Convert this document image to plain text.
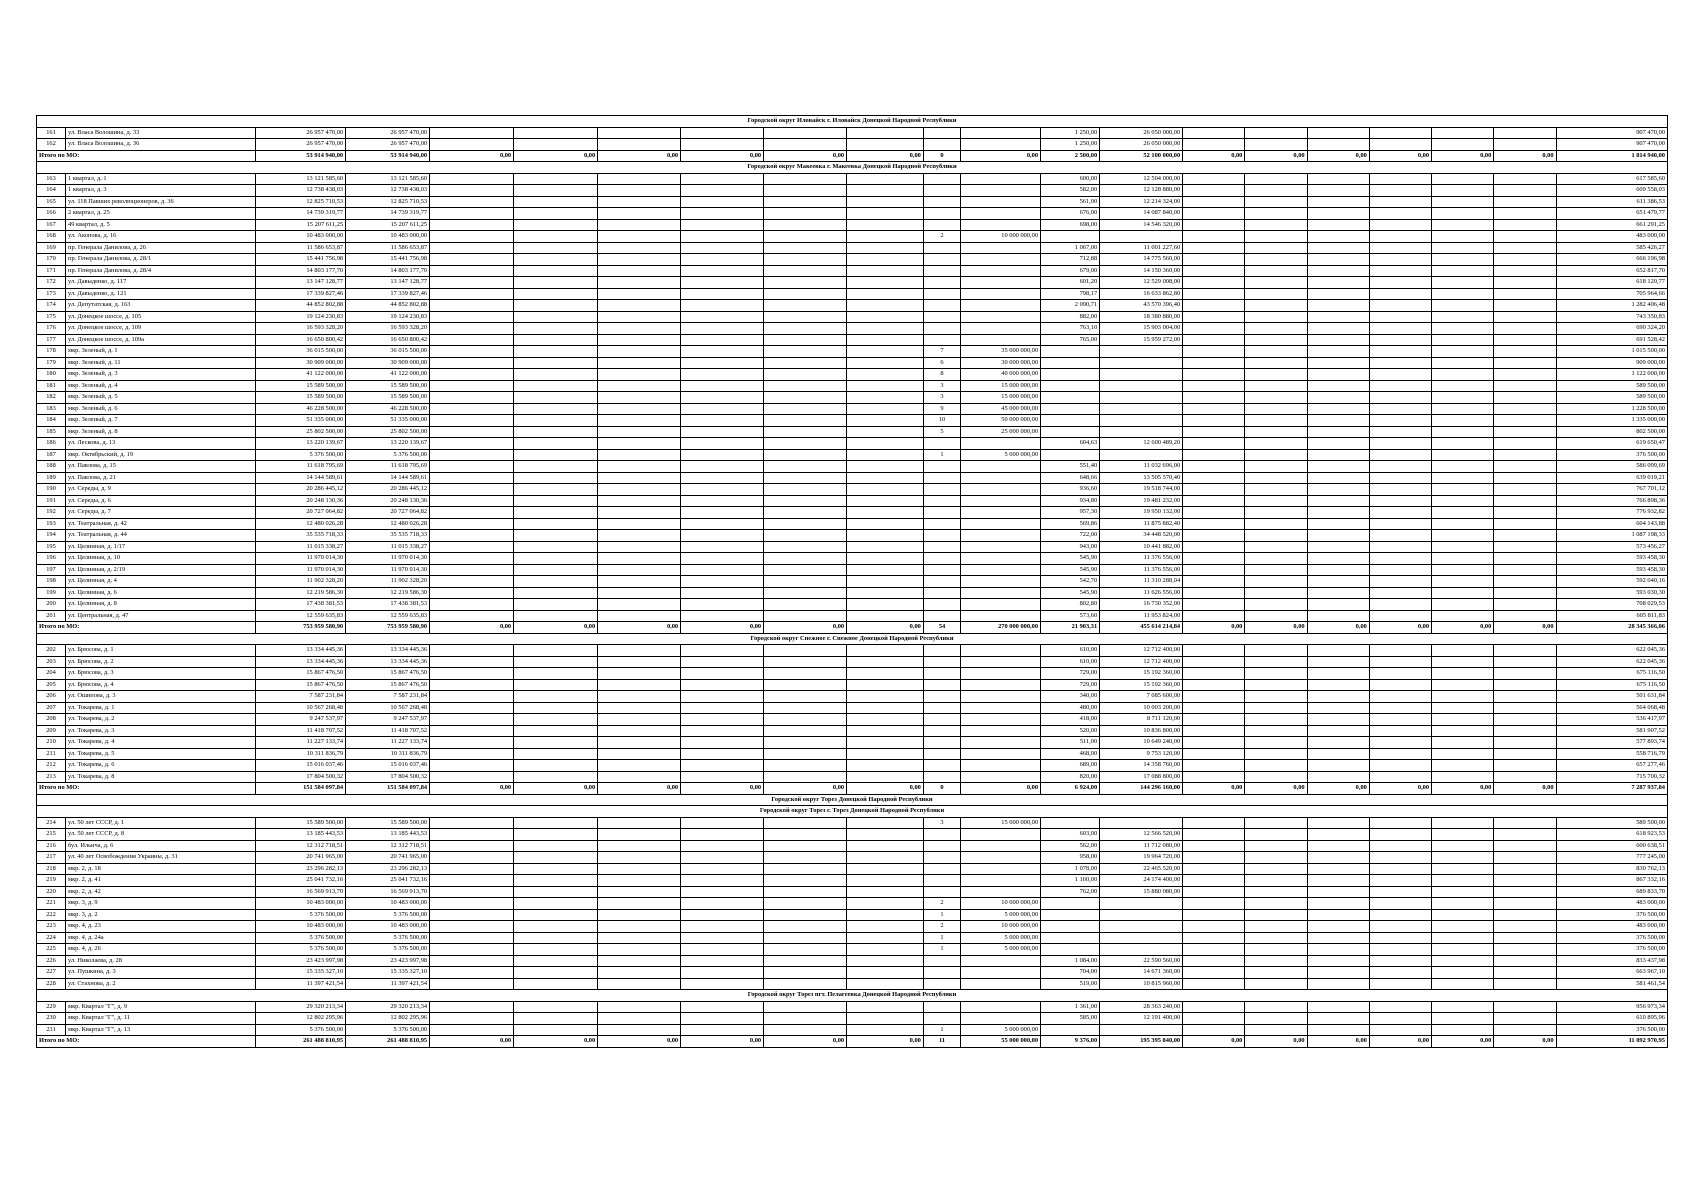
Городской округ Иловайск г. Иловайск Донецкой Народной Республики																				
161	ул. Влаcа Волошина, д. 33	26 957 470,00	26 957 470,00									1 250,00	26 050 000,00							907 470,00
162	ул. Влаcа Волошина, д. 36	26 957 470,00	26 957 470,00									1 250,00	26 050 000,00							907 470,00
Итого по МО:		53 914 940,00	53 914 940,00	0,00	0,00	0,00	0,00	0,00	0,00	0	0,00	2 500,00	52 100 000,00	0,00	0,00	0,00	0,00	0,00	0,00	1 814 940,00
Городской округ Макеевка г. Макеевка Донецкой Народной Республики																				
163	1 квартал, д. 1	13 121 585,60	13 121 585,60									600,00	12 504 000,00							617 585,60
164	1 квартал, д. 3	12 738 438,03	12 738 438,03									582,00	12 128 880,00							609 558,03
165	ул. 118 Павших революционеров, д. 36	12 825 710,53	12 825 710,53									561,00	12 214 324,00							611 386,53
166	2 квартал, д. 25	14 739 319,77	14 739 319,77									676,00	14 087 840,00							651 479,77
167	49 квартал, д. 5	15 207 611,25	15 207 611,25									698,00	14 546 320,00							661 291,25
168	ул. Акопова, д. 16	10 483 000,00	10 483 000,00							2	10 000 000,00									483 000,00
169	пр. Генерала Данилова, д. 26	11 586 653,87	11 586 653,87									1 067,00	11 001 227,60							585 426,27
170	пр. Генерала Данилова, д. 28/1	15 441 756,98	15 441 756,98									712,88	14 775 560,00							666 196,98
171	пр. Генерала Данилова, д. 28/4	14 803 177,70	14 803 177,70									679,00	14 150 360,00							652 817,70
172	ул. Давыденко, д. 117	13 147 128,77	13 147 128,77									601,20	12 529 008,00							618 120,77
173	ул. Давыденко, д. 121	17 339 827,46	17 339 827,46									798,17	16 633 862,80							705 964,66
174	ул. Депутатская, д. 163	44 852 802,88	44 852 802,88									2 090,71	43 570 396,40							1 282 406,48
175	ул. Донецкое шоссе, д. 105	19 124 230,83	19 124 230,83									882,00	18 380 880,00							743 350,83
176	ул. Донецкое шоссе, д. 109	16 593 328,20	16 593 328,20									763,10	15 903 004,00							690 324,20
177	ул. Донецкое шоссе, д. 109а	16 650 800,42	16 650 800,42									765,00	15 959 272,00							691 528,42
178	мкр. Зеленый, д. 1	36 015 500,00	36 015 500,00							7	35 000 000,00									1 015 500,00
179	мкр. Зеленый, д. 11	30 909 000,00	30 909 000,00							6	30 000 000,00									909 000,00
180	мкр. Зеленый, д. 3	41 122 000,00	41 122 000,00							8	40 000 000,00									1 122 000,00
181	мкр. Зеленый, д. 4	15 589 500,00	15 589 500,00							3	15 000 000,00									589 500,00
182	мкр. Зеленый, д. 5	15 589 500,00	15 589 500,00							3	15 000 000,00									589 500,00
183	мкр. Зеленый, д. 6	46 228 500,00	46 228 500,00							9	45 000 000,00									1 228 500,00
184	мкр. Зеленый, д. 7	51 335 000,00	51 335 000,00							10	50 000 000,00									1 335 000,00
185	мкр. Зеленый, д. 8	25 802 500,00	25 802 500,00							5	25 000 000,00									802 500,00
186	ул. Лескова, д. 13	13 220 139,67	13 220 139,67									604,63	12 600 489,20							619 650,47
187	мкр. Октябрьский, д. 19	5 376 500,00	5 376 500,00							1	5 000 000,00									376 500,00
188	ул. Павлова, д. 15	11 618 795,69	11 618 795,69									551,40	11 032 696,00							586 099,69
189	ул. Павлова, д. 21	14 144 589,61	14 144 589,61									648,66	13 505 570,40							639 019,21
190	ул. Середы, д. 9	20 286 445,12	20 286 445,12									936,60	19 518 744,00							767 701,12
191	ул. Середы, д. 6	20 248 130,36	20 248 130,36									934,80	19 481 232,00							766 898,36
192	ул. Середы, д. 7	20 727 064,82	20 727 064,82									957,30	19 950 132,00							776 932,82
193	ул. Театральная, д. 42	12 480 026,28	12 480 026,28									569,86	11 875 882,40							604 143,88
194	ул. Театральная, д. 44	35 535 718,33	35 535 718,33									722,00	34 448 520,00							1 087 198,33
195	ул. Целинная, д. 1/17	11 015 338,27	11 015 338,27									943,00	10 441 882,00							573 456,27
196	ул. Целинная, д. 10	11 970 014,30	11 970 014,30									545,90	11 376 556,00							593 458,30
197	ул. Целинная, д. 2/19	11 970 014,30	11 970 014,30									545,90	11 376 556,00							593 458,30
198	ул. Целинная, д. 4	11 902 328,20	11 902 328,20									542,70	11 310 288,04							592 040,16
199	ул. Целинная, д. 6	12 219 586,30	12 219 586,30									545,90	11 626 556,00							593 030,30
200	ул. Целинная, д. 8	17 438 381,53	17 438 381,53									802,80	16 730 352,00							708 029,53
201	ул. Центральная, д. 47	12 559 635,83	12 559 635,83									573,60	11 953 824,00							605 811,83
Итого по МО:		753 959 580,90	753 959 580,90	0,00	0,00	0,00	0,00	0,00	0,00	54	270 000 000,00	21 903,31	455 614 214,84	0,00	0,00	0,00	0,00	0,00	0,00	28 345 366,06
Городской округ Снежное г. Снежное Донецкой Народной Республики																				
202	ул. Брюсова, д. 1	13 334 445,36	13 334 445,36									610,00	12 712 400,00							622 045,36
203	ул. Брюсова, д. 2	13 334 445,36	13 334 445,36									610,00	12 712 400,00							622 045,36
204	ул. Брюсова, д. 3	15 867 476,50	15 867 476,50									729,00	15 192 360,00							675 116,50
205	ул. Брюсова, д. 4	15 867 476,50	15 867 476,50									729,00	15 192 360,00							675 116,50
206	ул. Ошипова, д. 3	7 587 231,84	7 587 231,84									340,00	7 085 600,00							501 631,84
207	ул. Токарева, д. 1	10 567 268,48	10 567 268,48									480,00	10 003 200,00							564 068,48
208	ул. Токарева, д. 2	9 247 537,97	9 247 537,97									418,00	8 711 120,00							536 417,97
209	ул. Токарева, д. 3	11 418 707,52	11 418 707,52									520,00	10 836 800,00							581 907,52
210	ул. Токарева, д. 4	11 227 133,74	11 227 133,74									511,00	10 649 240,00							577 893,74
211	ул. Токарева, д. 5	10 311 836,79	10 311 836,79									468,00	9 753 120,00							558 716,79
212	ул. Токарева, д. 6	15 016 037,46	15 016 037,46									689,00	14 358 760,00							657 277,46
213	ул. Токарева, д. 8	17 804 500,32	17 804 500,32									820,00	17 088 800,00							715 700,32
Итого по МО:		151 584 097,84	151 584 097,84	0,00	0,00	0,00	0,00	0,00	0,00	0	0,00	6 924,00	144 296 160,00	0,00	0,00	0,00	0,00	0,00	0,00	7 287 937,84
Городской округ Торез Донецкой Народной Республики																				
Городской округ Торез г. Торез Донецкой Народной Республики																				
214	ул. 50 лет СССР, д. 1	15 589 500,00	15 589 500,00							3	15 000 000,00									589 500,00
215	ул. 50 лет СССР, д. 8	13 185 443,53	13 185 443,53									603,00	12 566 520,00							618 923,53
216	бул. Ильича, д. 6	12 312 718,51	12 312 718,51									562,00	11 712 080,00							600 638,51
217	ул. 40 лет Освобождения Украины, д. 31	20 741 965,00	20 741 965,00									958,00	19 964 720,00							777 245,00
218	мкр. 2, д. 18	23 296 282,13	23 296 282,13									1 078,00	22 465 520,00							830 762,13
219	мкр. 2, д. 41	25 041 732,16	25 041 732,16									1 160,00	24 174 400,00							867 332,16
220	мкр. 2, д. 42	16 569 913,70	16 569 913,70									762,00	15 880 080,00							689 833,70
221	мкр. 3, д. 9	10 483 000,00	10 483 000,00							2	10 000 000,00									483 000,00
222	мкр. 3, д. 2	5 376 500,00	5 376 500,00							1	5 000 000,00									376 500,00
223	мкр. 4, д. 23	10 483 000,00	10 483 000,00							2	10 000 000,00									483 000,00
224	мкр. 4, д. 24а	5 376 500,00	5 376 500,00							1	5 000 000,00									376 500,00
225	мкр. 4, д. 26	5 376 500,00	5 376 500,00							1	5 000 000,00									376 500,00
226	ул. Николаева, д. 28	23 423 997,98	23 423 997,98									1 084,00	22 590 560,00							833 437,98
227	ул. Пушкина, д. 3	15 335 327,10	15 335 327,10									704,00	14 671 360,00							663 967,10
228	ул. Стахнова, д. 2	11 397 421,54	11 397 421,54									519,00	10 815 960,00							581 461,54
Городской округ Торез пгт. Пелагеевка Донецкой Народной Республики																				
229	мкр. Квартал "Г", д. 9	29 320 213,34	29 320 213,34									1 361,00	28 363 240,00							956 973,34
230	мкр. Квартал "Г", д. 11	12 802 295,96	12 802 295,96									585,00	12 191 400,00							610 895,96
231	мкр. Квартал "Г", д. 13	5 376 500,00	5 376 500,00							1	5 000 000,00									376 500,00
Итого по МО:		261 488 810,95	261 488 810,95	0,00	0,00	0,00	0,00	0,00	0,00	11	55 000 000,00	9 376,00	195 395 840,00	0,00	0,00	0,00	0,00	0,00	0,00	11 092 970,95
